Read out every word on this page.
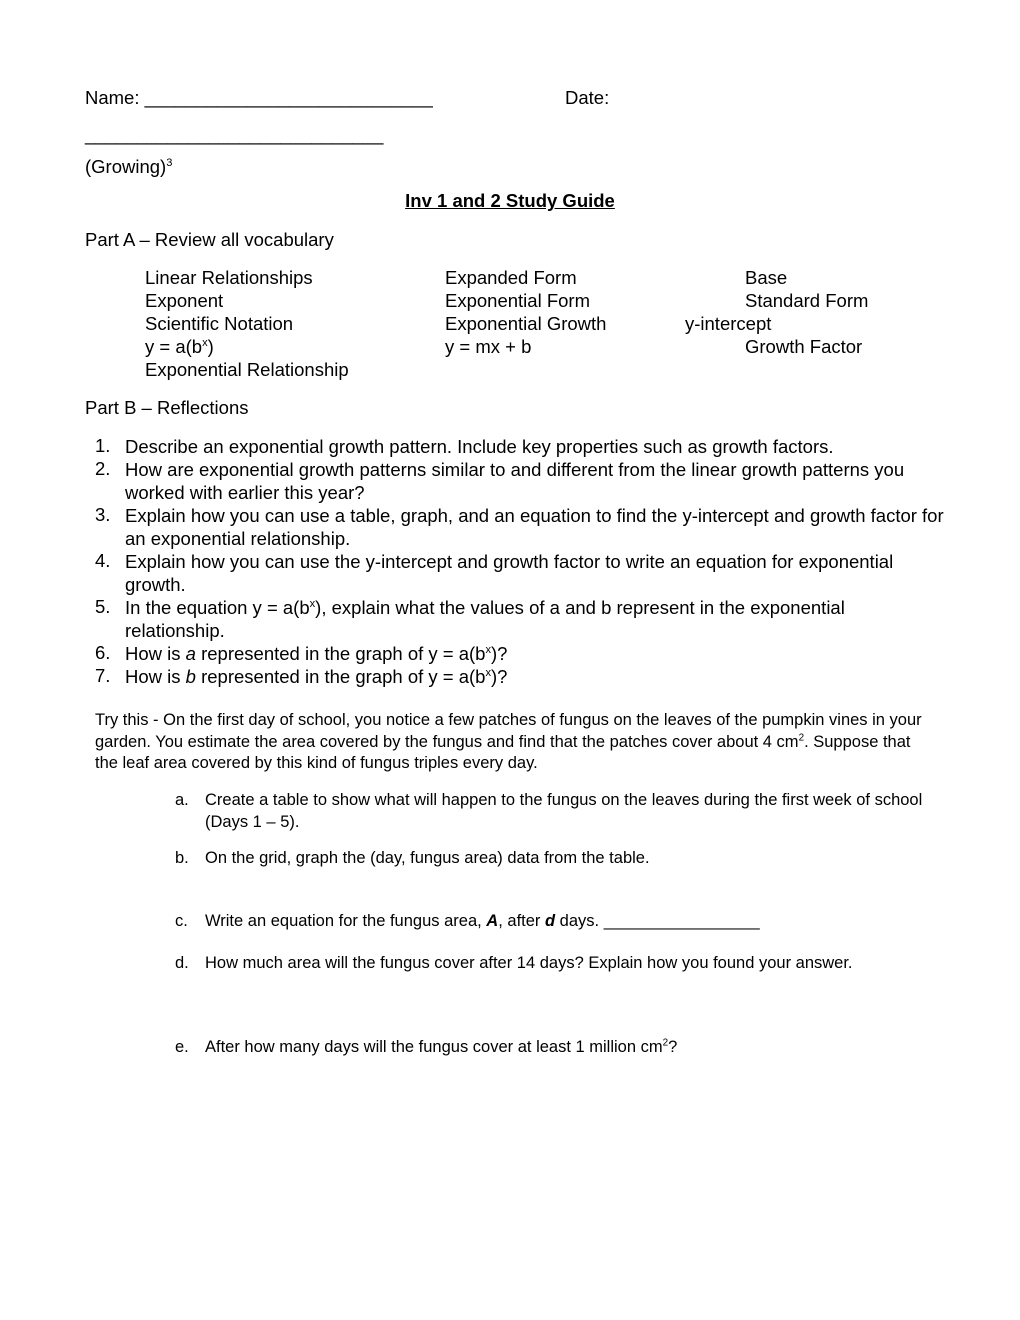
Name: ____________________________	Date:
_____________________________
(Growing)$^3$
Inv 1 and 2 Study Guide
Part A – Review all vocabulary
Linear Relationships	Expanded Form	Base
Exponent	Exponential Form	Standard Form
Scientific Notation	Exponential Growth	y-intercept
$y = a(b^x)$	y = mx + b	Growth Factor
Exponential Relationship
Part B – Reflections
1. Describe an exponential growth pattern. Include key properties such as growth factors.
2. How are exponential growth patterns similar to and different from the linear growth patterns you worked with earlier this year?
3. Explain how you can use a table, graph, and an equation to find the y-intercept and growth factor for an exponential relationship.
4. Explain how you can use the y-intercept and growth factor to write an equation for exponential growth.
5. In the equation $y = a(b^x)$, explain what the values of a and b represent in the exponential relationship.
6. How is a represented in the graph of $y = a(b^x)$?
7. How is b represented in the graph of $y = a(b^x)$?
Try this - On the first day of school, you notice a few patches of fungus on the leaves of the pumpkin vines in your garden. You estimate the area covered by the fungus and find that the patches cover about 4 $cm^2$. Suppose that the leaf area covered by this kind of fungus triples every day.
a. Create a table to show what will happen to the fungus on the leaves during the first week of school (Days 1 – 5).
b. On the grid, graph the (day, fungus area) data from the table.
c. Write an equation for the fungus area, A, after d days. _________________
d. How much area will the fungus cover after 14 days? Explain how you found your answer.
e. After how many days will the fungus cover at least 1 million $cm^2$?
